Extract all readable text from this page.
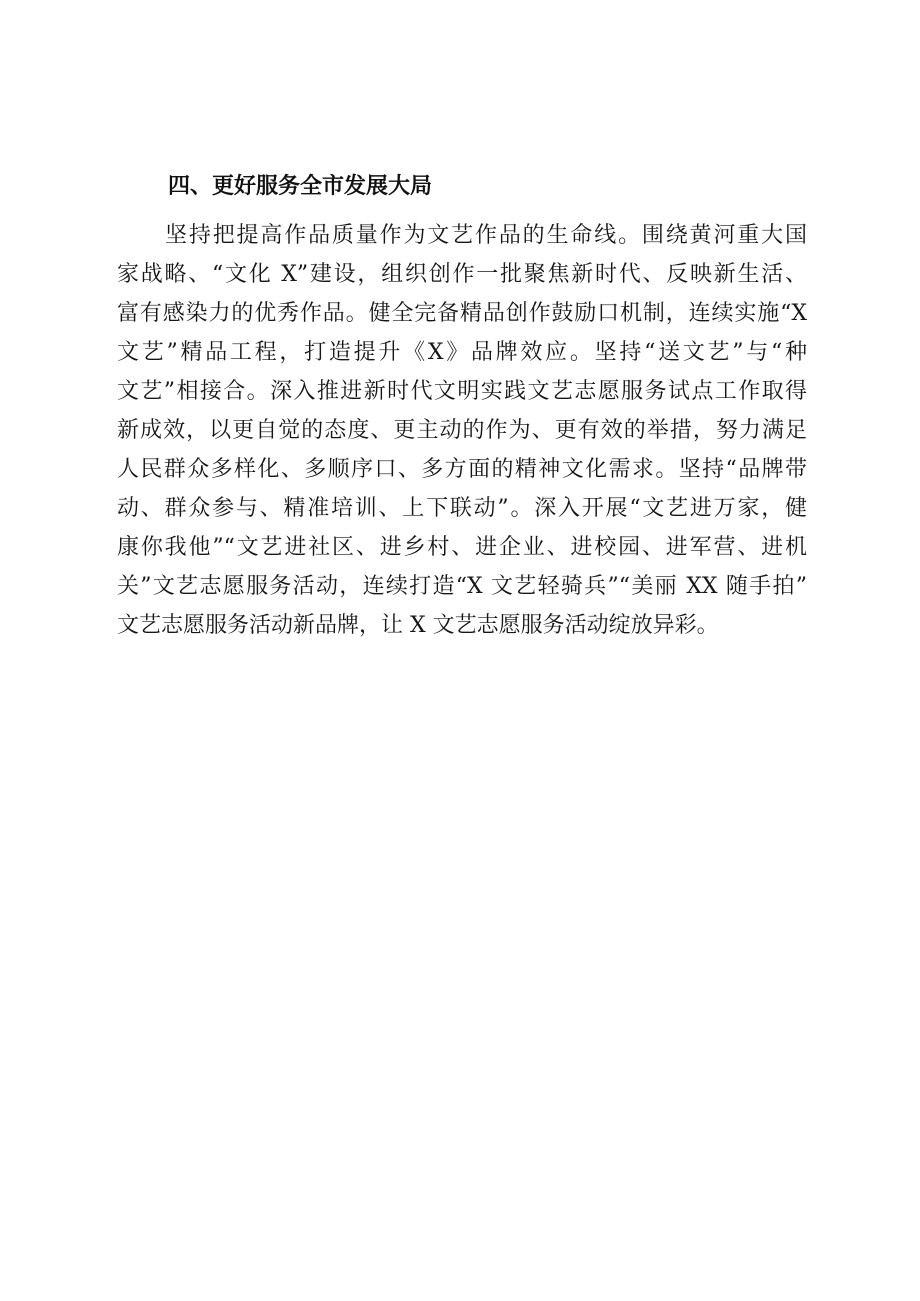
四、更好服务全市发展大局
坚持把提高作品质量作为文艺作品的生命线。围绕黄河重大国
家战略、“文化 X”建设，组织创作一批聚焦新时代、反映新生活、
富有感染力的优秀作品。健全完备精品创作鼓励口机制，连续实施“X
文艺”精品工程，打造提升《X》品牌效应。坚持“送文艺”与“种
文艺”相接合。深入推进新时代文明实践文艺志愿服务试点工作取得
新成效，以更自觉的态度、更主动的作为、更有效的举措，努力满足
人民群众多样化、多顺序口、多方面的精神文化需求。坚持“品牌带
动、群众参与、精准培训、上下联动”。深入开展“文艺进万家，健
康你我他”“文艺进社区、进乡村、进企业、进校园、进军营、进机
关”文艺志愿服务活动，连续打造“X 文艺轻骑兵”“美丽 XX 随手拍”
文艺志愿服务活动新品牌，让 X 文艺志愿服务活动绽放异彩。
